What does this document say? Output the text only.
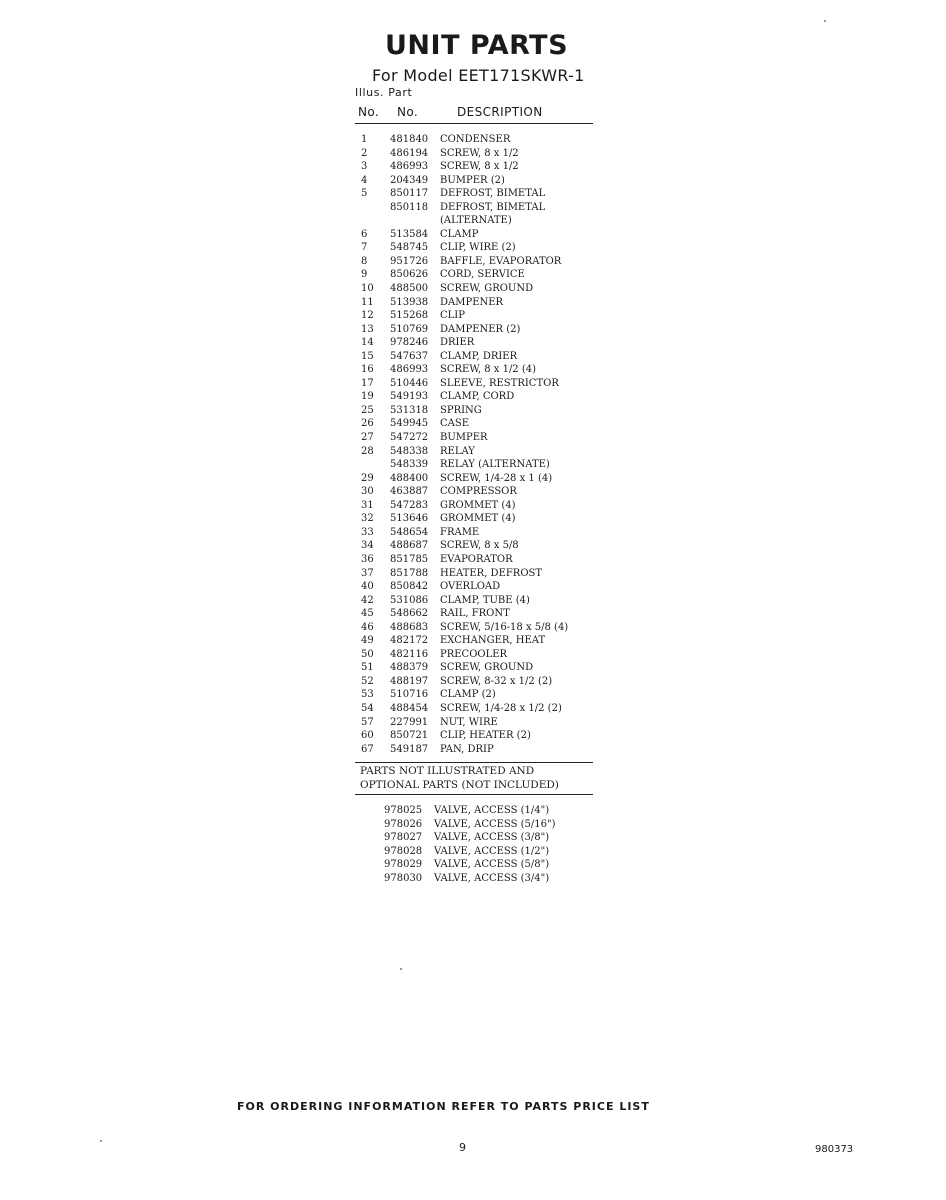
UNIT PARTS
For Model EET171SKWR-1
Illus. Part
No. No.	DESCRIPTION
1	481840	CONDENSER
2	486194	SCREW, 8 x 1/2
3	486993	SCREW, 8 x 1/2
4	204349	BUMPER (2)
5	850117	DEFROST, BIMETAL
850118	DEFROST, BIMETAL
(ALTERNATE)
6	513584	CLAMP
7	548745	CLIP, WIRE (2)
8	951726	BAFFLE, EVAPORATOR
9	850626	CORD, SERVICE
10	488500	SCREW, GROUND
11	513938	DAMPENER
12	515268	CLIP
13	510769	DAMPENER (2)
14	978246	DRIER
15	547637	CLAMP, DRIER
16	486993	SCREW, 8 x 1/2 (4)
17	510446	SLEEVE, RESTRICTOR
19	549193	CLAMP, CORD
25	531318	SPRING
26	549945	CASE
27	547272	BUMPER
28	548338	RELAY
548339	RELAY (ALTERNATE)
29	488400	SCREW, 1/4-28 x 1 (4)
30	463887	COMPRESSOR
31	547283	GROMMET (4)
32	513646	GROMMET (4)
33	548654	FRAME
34	488687	SCREW, 8 x 5/8
36	851785	EVAPORATOR
37	851788	HEATER, DEFROST
40	850842	OVERLOAD
42	531086	CLAMP, TUBE (4)
45	548662	RAIL, FRONT
46	488683	SCREW, 5/16-18 x 5/8 (4)
49	482172	EXCHANGER, HEAT
50	482116	PRECOOLER
51	488379	SCREW, GROUND
52	488197	SCREW, 8-32 x 1/2 (2)
53	510716	CLAMP (2)
54	488454	SCREW, 1/4-28 x 1/2 (2)
57	227991	NUT, WIRE
60	850721	CLIP, HEATER (2)
67	549187	PAN, DRIP
PARTS NOT ILLUSTRATED AND
OPTIONAL PARTS (NOT INCLUDED)
978025	VALVE, ACCESS (1/4")
978026	VALVE, ACCESS (5/16")
978027	VALVE, ACCESS (3/8")
978028	VALVE, ACCESS (1/2")
978029	VALVE, ACCESS (5/8")
978030	VALVE, ACCESS (3/4")
FOR ORDERING INFORMATION REFER TO PARTS PRICE LIST
9	980373
